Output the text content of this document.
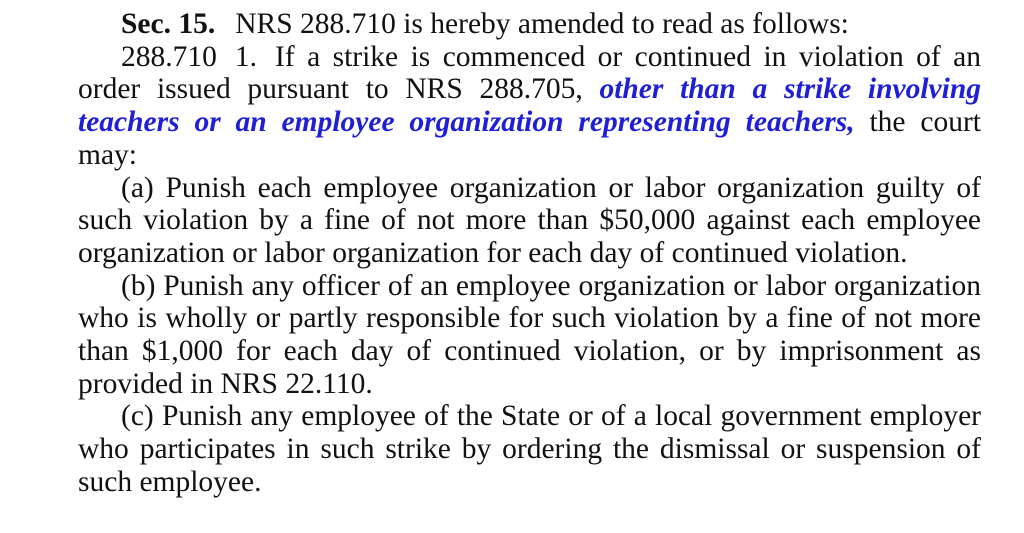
Sec. 15. NRS 288.710 is hereby amended to read as follows:

288.710 1. If a strike is commenced or continued in violation of an order issued pursuant to NRS 288.705, other than a strike involving teachers or an employee organization representing teachers, the court may:

(a) Punish each employee organization or labor organization guilty of such violation by a fine of not more than $50,000 against each employee organization or labor organization for each day of continued violation.

(b) Punish any officer of an employee organization or labor organization who is wholly or partly responsible for such violation by a fine of not more than $1,000 for each day of continued violation, or by imprisonment as provided in NRS 22.110.

(c) Punish any employee of the State or of a local government employer who participates in such strike by ordering the dismissal or suspension of such employee.
